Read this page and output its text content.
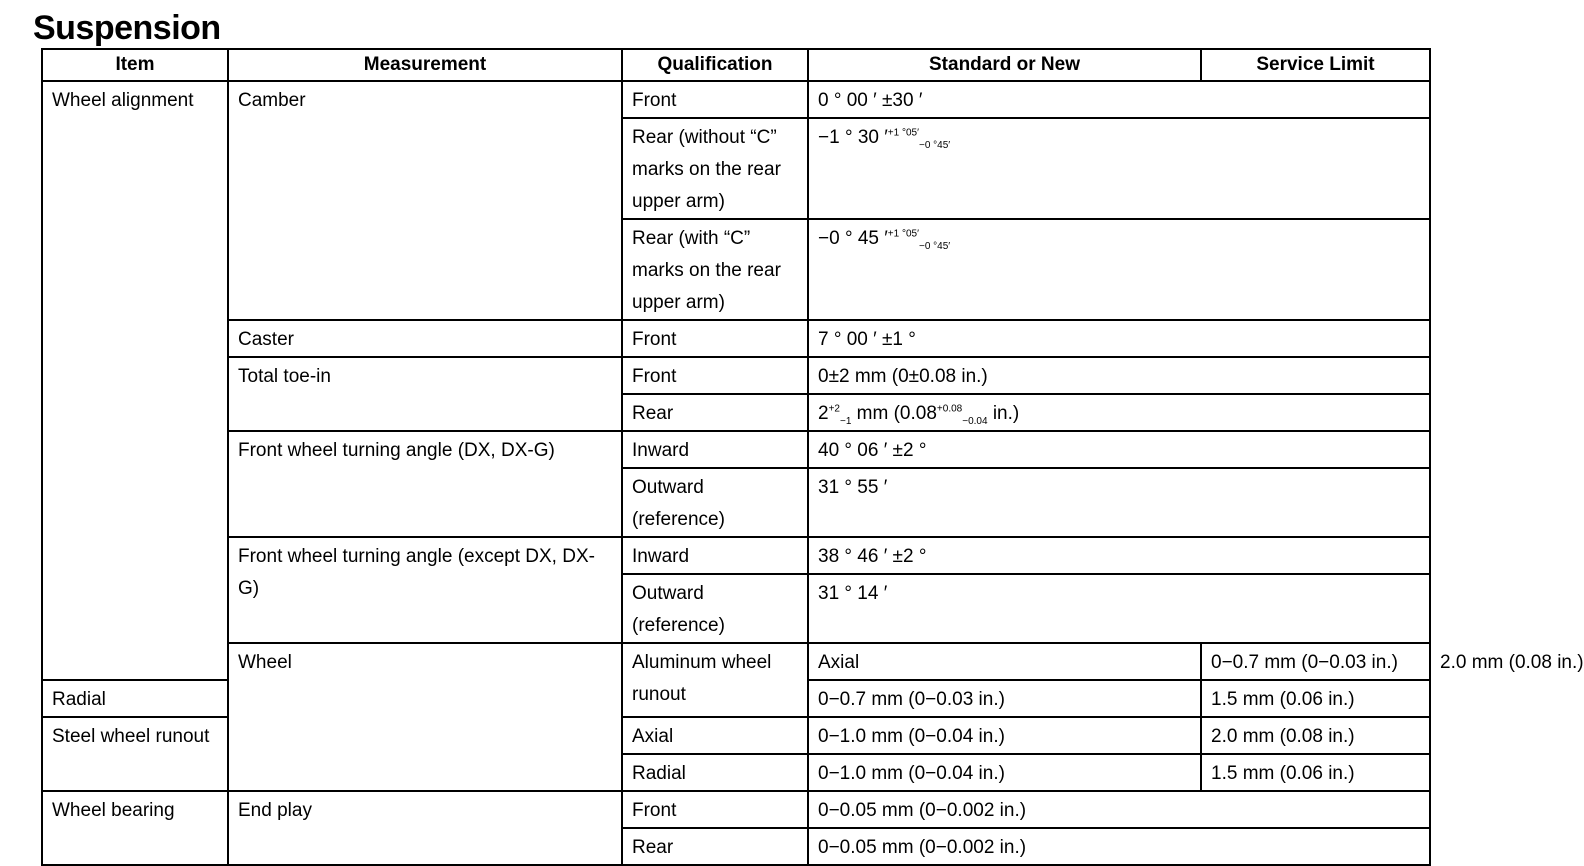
Suspension
Item	Measurement	Qualification	Standard or New	Service Limit	
Wheel alignment	Camber	Front	0 ° 00 ′ ±30 ′		
		Rear (without “C” marks on the rear upper arm)	−1 ° 30 $'^{+1 ^\circ 05'}_{-0 ^\circ 45'}$
		Rear (with “C” marks on the rear upper arm)	−0 ° 45 $'^{+1 ^\circ 05'}_{-0 ^\circ 45'}$
	Caster	Front	7 ° 00 ′ ±1 °		
	Total toe-in	Front	0±2 mm (0±0.08 in.)		
		Rear	$2^{+2}_{-1}$ mm ($0.08^{+0.08}_{-0.04}$ in.)		
	Front wheel turning angle (DX, DX-G)	Inward	40 ° 06 ′ ±2 °		
		Outward (reference)	31 ° 55 ′		
	Front wheel turning angle (except DX, DX-G)	Inward	38 ° 46 ′ ±2 °		
		Outward (reference)	31 ° 14 ′		
	Wheel	Aluminum wheel runout	Axial	0−0.7 mm (0−0.03 in.)	2.0 mm (0.08 in.)
Radial			0−0.7 mm (0−0.03 in.)	1.5 mm (0.06 in.)	
Steel wheel runout		Axial	0−1.0 mm (0−0.04 in.)	2.0 mm (0.08 in.)	
		Radial	0−1.0 mm (0−0.04 in.)	1.5 mm (0.06 in.)	
Wheel bearing	End play	Front	0−0.05 mm (0−0.002 in.)		
		Rear	0−0.05 mm (0−0.002 in.)		
